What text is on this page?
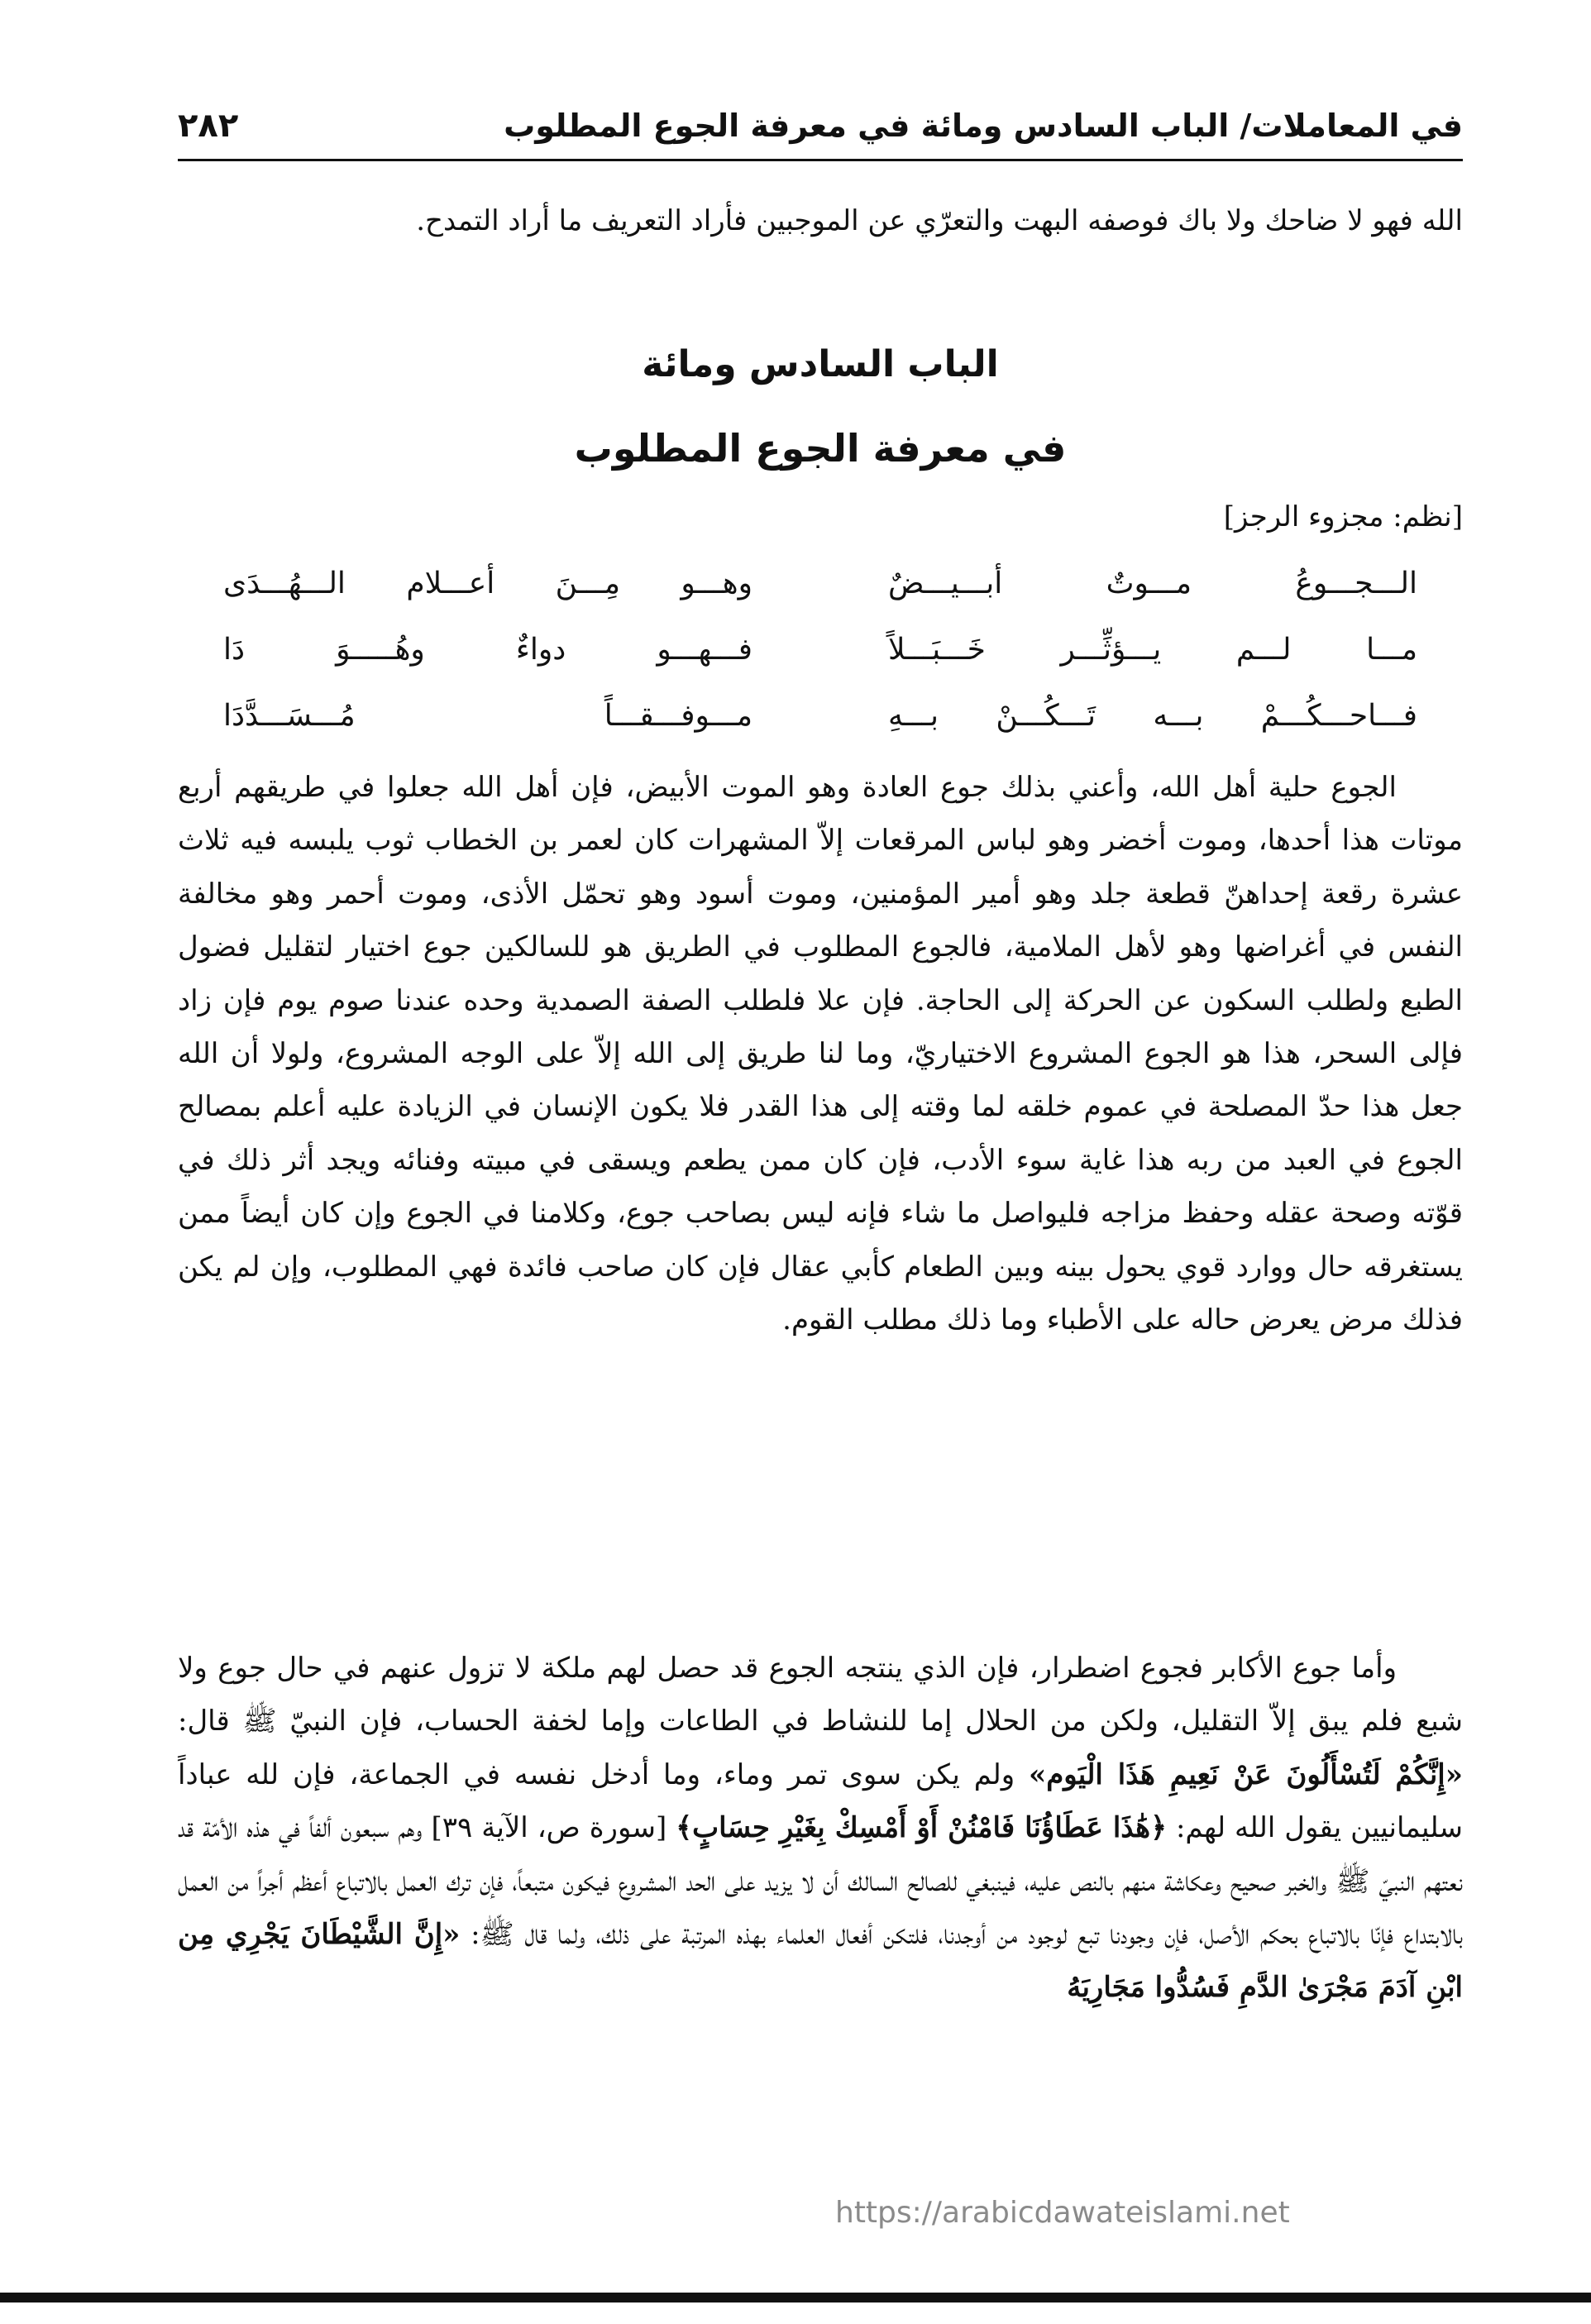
في المعاملات/ الباب السادس ومائة في معرفة الجوع المطلوب
٢٨٢

الله فهو لا ضاحك ولا باك فوصفه البهت والتعرّي عن الموجبين فأراد التعريف ما أراد التمدح.

الباب السادس ومائة
في معرفة الجوع المطلوب
[نظم: مجزوء الرجز]
الـــجـــوعُ مـــوتٌ أبـــيـــضٌ
وهـــو مِـــنَ أعـــلام الـــهُـــدَى
مـــا لـــم يـــؤثِّـــر خَـــبَـــلاً
فـــهـــو دواءٌ وهُـــــوَ دَا
فـــاحـــكُـــمْ بـــه تَـــكُـــنْ بـــهِ
مـــوفـــقـــاً مُـــسَـــدَّدَا

الجوع حلية أهل الله، وأعني بذلك جوع العادة وهو الموت الأبيض، فإن أهل الله جعلوا في طريقهم أربع موتات هذا أحدها، وموت أخضر وهو لباس المرقعات إلاّ المشهرات كان لعمر بن الخطاب ثوب يلبسه فيه ثلاث عشرة رقعة إحداهنّ قطعة جلد وهو أمير المؤمنين، وموت أسود وهو تحمّل الأذى، وموت أحمر وهو مخالفة النفس في أغراضها وهو لأهل الملامية، فالجوع المطلوب في الطريق هو للسالكين جوع اختيار لتقليل فضول الطبع ولطلب السكون عن الحركة إلى الحاجة. فإن علا فلطلب الصفة الصمدية وحده عندنا صوم يوم فإن زاد فإلى السحر، هذا هو الجوع المشروع الاختياريّ، وما لنا طريق إلى الله إلاّ على الوجه المشروع، ولولا أن الله جعل هذا حدّ المصلحة في عموم خلقه لما وقته إلى هذا القدر فلا يكون الإنسان في الزيادة عليه أعلم بمصالح الجوع في العبد من ربه هذا غاية سوء الأدب، فإن كان ممن يطعم ويسقى في مبيته وفنائه ويجد أثر ذلك في قوّته وصحة عقله وحفظ مزاجه فليواصل ما شاء فإنه ليس بصاحب جوع، وكلامنا في الجوع وإن كان أيضاً ممن يستغرقه حال ووارد قوي يحول بينه وبين الطعام كأبي عقال فإن كان صاحب فائدة فهي المطلوب، وإن لم يكن فذلك مرض يعرض حاله على الأطباء وما ذلك مطلب القوم.

وأما جوع الأكابر فجوع اضطرار، فإن الذي ينتجه الجوع قد حصل لهم ملكة لا تزول عنهم في حال جوع ولا شبع فلم يبق إلاّ التقليل، ولكن من الحلال إما للنشاط في الطاعات وإما لخفة الحساب، فإن النبيّ ﷺ قال: «إِنَّكُمْ لَتُسْأَلُونَ عَنْ نَعِيمِ هَذَا الْيَوم» ولم يكن سوى تمر وماء، وما أدخل نفسه في الجماعة، فإن لله عباداً سليمانيين يقول الله لهم: ﴿هَٰذَا عَطَاؤُنَا فَامْنُنْ أَوْ أَمْسِكْ بِغَيْرِ حِسَابٍ﴾ [سورة ص، الآية ٣٩] وهم سبعون ألفاً في هذه الأمّة قد نعتهم النبيّ ﷺ والخبر صحيح وعكاشة منهم بالنص عليه، فينبغي للصالح السالك أن لا يزيد على الحد المشروع فيكون متبعاً، فإن ترك العمل بالاتباع أعظم أجراً من العمل بالابتداع فإنّا بالاتباع بحكم الأصل، فإن وجودنا تبع لوجود من أوجدنا، فلتكن أفعال العلماء بهذه المرتبة على ذلك، ولما قال ﷺ: «إِنَّ الشَّيْطَانَ يَجْرِي مِن ابْنِ آدَمَ مَجْرَىٰ الدَّمِ فَسُدُّوا مَجَارِيَهُ

https://arabicdawateislami.net
